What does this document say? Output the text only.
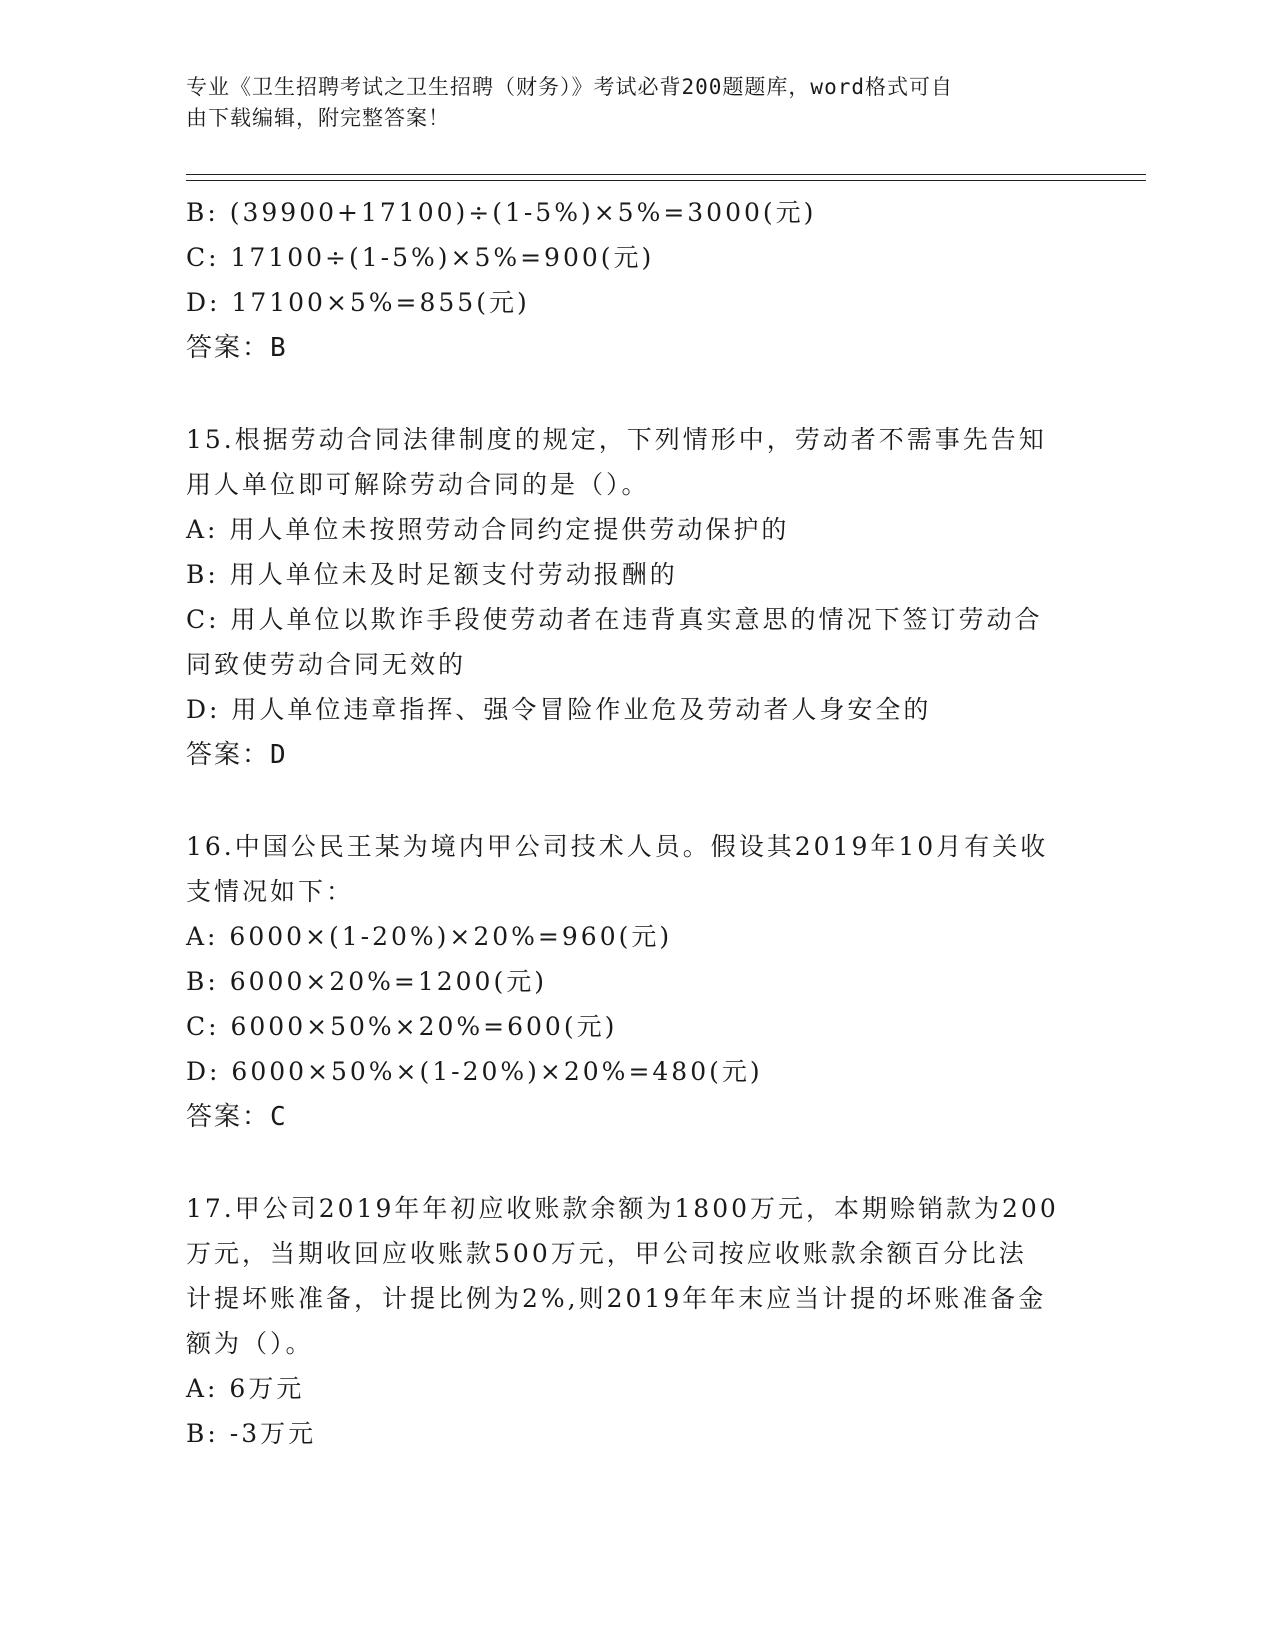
专业《卫生招聘考试之卫生招聘（财务）》考试必背200题题库，word格式可自
由下载编辑，附完整答案！
B: (39900+17100)÷(1-5%)×5%=3000(元)
C: 17100÷(1-5%)×5%=900(元)
D: 17100×5%=855(元)
答案：B
15.根据劳动合同法律制度的规定，下列情形中，劳动者不需事先告知
用人单位即可解除劳动合同的是（）。
A: 用人单位未按照劳动合同约定提供劳动保护的
B: 用人单位未及时足额支付劳动报酬的
C: 用人单位以欺诈手段使劳动者在违背真实意思的情况下签订劳动合
同致使劳动合同无效的
D: 用人单位违章指挥、强令冒险作业危及劳动者人身安全的
答案：D
16.中国公民王某为境内甲公司技术人员。假设其2019年10月有关收
支情况如下：
A: 6000×(1-20%)×20%=960(元)
B: 6000×20%=1200(元)
C: 6000×50%×20%=600(元)
D: 6000×50%×(1-20%)×20%=480(元)
答案：C
17.甲公司2019年年初应收账款余额为1800万元，本期赊销款为200
万元，当期收回应收账款500万元，甲公司按应收账款余额百分比法
计提坏账准备，计提比例为2%,则2019年年末应当计提的坏账准备金
额为（）。
A: 6万元
B: -3万元
